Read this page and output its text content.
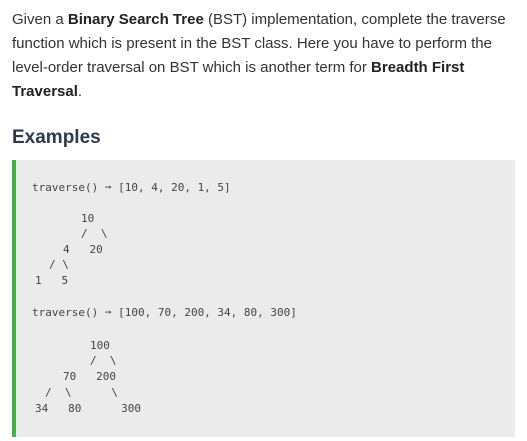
Given a Binary Search Tree (BST) implementation, complete the traverse function which is present in the BST class. Here you have to perform the level-order traversal on BST which is another term for Breadth First Traversal.
Examples
traverse() ➞ [10, 4, 20, 1, 5]
10
/  \
4   20
/ \
1   5
traverse() ➞ [100, 70, 200, 34, 80, 300]
100
/  \
70   200
/  \      \
34   80      300
